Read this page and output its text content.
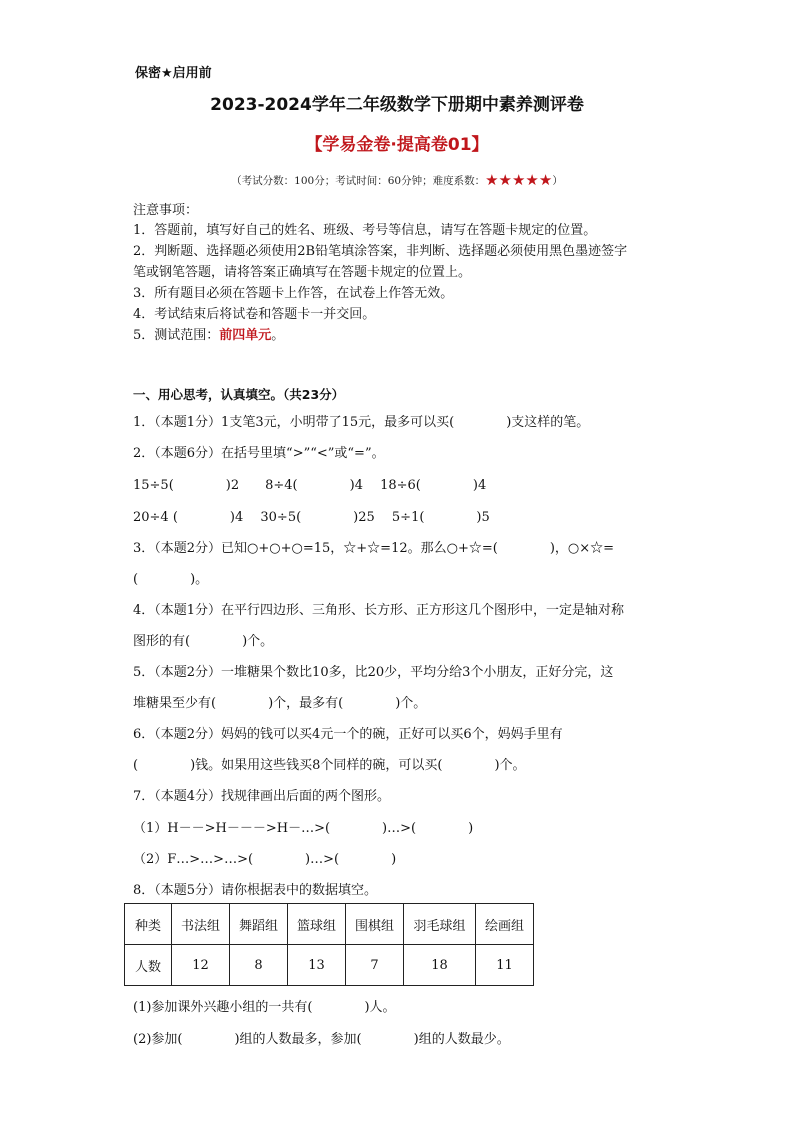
保密★启用前
2023-2024学年二年级数学下册期中素养测评卷
【学易金卷·提高卷01】
（考试分数：100分；考试时间：60分钟；难度系数：★★★★★）
注意事项：
1．答题前，填写好自己的姓名、班级、考号等信息，请写在答题卡规定的位置。
2．判断题、选择题必须使用2B铅笔填涂答案，非判断、选择题必须使用黑色墨迹签字
笔或钢笔答题，请将答案正确填写在答题卡规定的位置上。
3．所有题目必须在答题卡上作答，在试卷上作答无效。
4．考试结束后将试卷和答题卡一并交回。
5．测试范围：前四单元。
一、用心思考，认真填空。（共23分）
1．（本题1分）1支笔3元，小明带了15元，最多可以买(　　　　)支这样的笔。
2．（本题6分）在括号里填“>”“<”或“=”。
15÷5(　　　　)2　　8÷4(　　　　)4　 18÷6(　　　　)4
20÷4 (　　　　)4　 30÷5(　　　　)25　 5÷1(　　　　)5
3．（本题2分）已知○+○+○=15，☆+☆=12。那么○+☆=(　　　　)，○×☆=
(　　　　)。
4．（本题1分）在平行四边形、三角形、长方形、正方形这几个图形中，一定是轴对称
图形的有(　　　　)个。
5．（本题2分）一堆糖果个数比10多，比20少，平均分给3个小朋友，正好分完，这
堆糖果至少有(　　　　)个，最多有(　　　　)个。
6．（本题2分）妈妈的钱可以买4元一个的碗，正好可以买6个，妈妈手里有
(　　　　)钱。如果用这些钱买8个同样的碗，可以买(　　　　)个。
7．（本题4分）找规律画出后面的两个图形。
（1）H－－>H－－－>H－…>(　　　　)…>(　　　　)
（2）F…>…>…>(　　　　)…>(　　　　)
8．（本题5分）请你根据表中的数据填空。
种类	书法组	舞蹈组	篮球组	围棋组	羽毛球组	绘画组
人数	12	8	13	7	18	11
(1)参加课外兴趣小组的一共有(　　　　)人。
(2)参加(　　　　)组的人数最多，参加(　　　　)组的人数最少。
